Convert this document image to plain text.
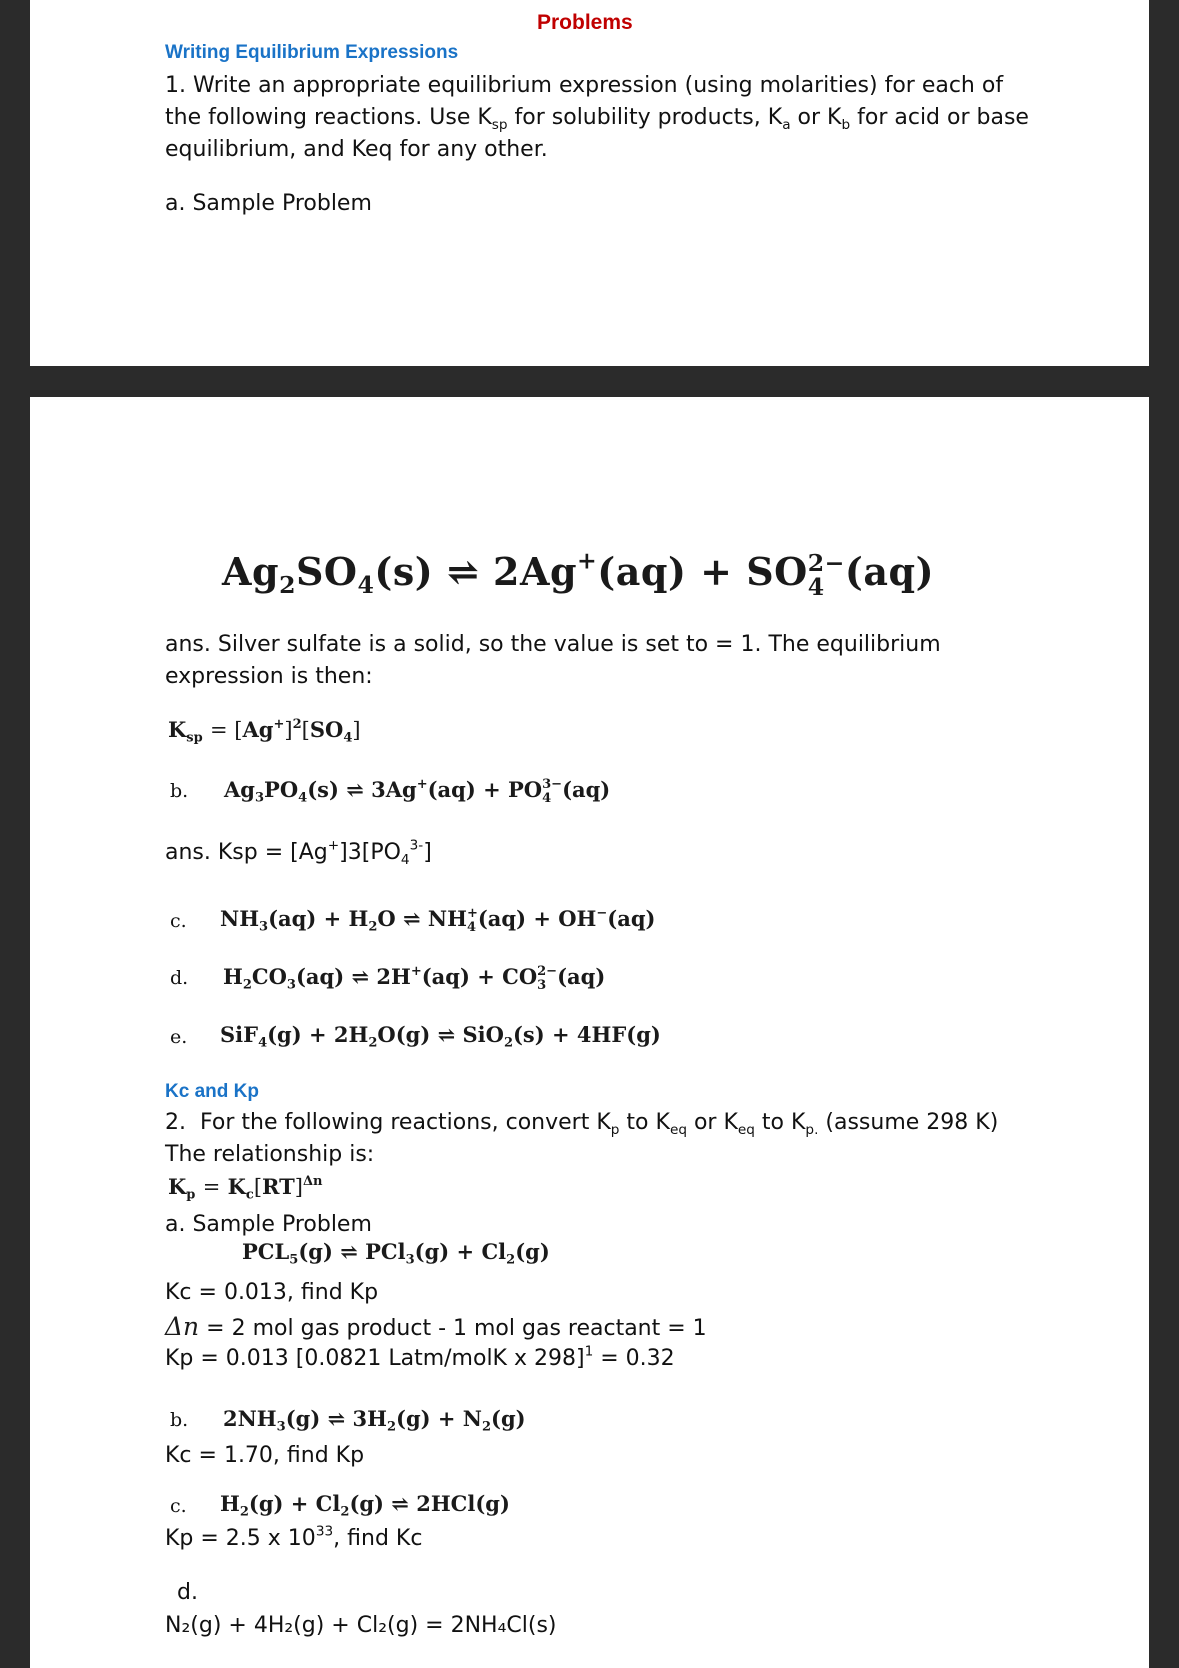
Problems
Writing Equilibrium Expressions
1. Write an appropriate equilibrium expression (using molarities) for each of
the following reactions. Use $K_{sp}$ for solubility products, $K_a$ or $K_b$ for acid or base
equilibrium, and Keq for any other.
a. Sample Problem
$Ag_2SO_4(s)$ ⇌ 2Ag+(aq) + SO 2−
4 (aq)
ans. Silver sulfate is a solid, so the value is set to = 1. The equilibrium
expression is then:
$K_{sp} = [Ag^+]^2[SO_4]$
b. $Ag_3PO_4(s)$ ⇌ 3Ag+(aq) + PO 3−
4 (aq)
ans. Ksp = $[Ag^+]3[PO_4^{3-}]$
c. $NH_3(aq) + H_2O$ ⇌ NH +
4 (aq) + OH−(aq)
d. $H_2CO_3(aq)$ ⇌ 2H+(aq) + CO 2−
3 (aq)
e. $SiF_4(g) + 2H_2O(g)$ ⇌ SiO$_2$(s) + 4HF(g)
Kc and Kp
2. For the following reactions, convert $K_p$ to $K_{eq}$ or $K_{eq}$ to $K_{p.}$ (assume 298 K)
The relationship is:
$K_p = K_c[RT]^{\Delta n}$
a. Sample Problem
$PCL_5(g)$ ⇌ $PCl_3(g) + Cl_2(g)$
Kc = 0.013, find Kp
Δn = 2 mol gas product - 1 mol gas reactant = 1
Kp = 0.013 [0.0821 Latm/molK x 298]$^1$ = 0.32
b. $2NH_3(g)$ ⇌ $3H_2(g) + N_2(g)$
Kc = 1.70, find Kp
c. $H_2(g) + Cl_2(g)$ ⇌ 2HCl(g)
Kp = 2.5 x $10^{33}$, find Kc
d.
N₂(g) + 4H₂(g) + Cl₂(g) = 2NH₄Cl(s)
